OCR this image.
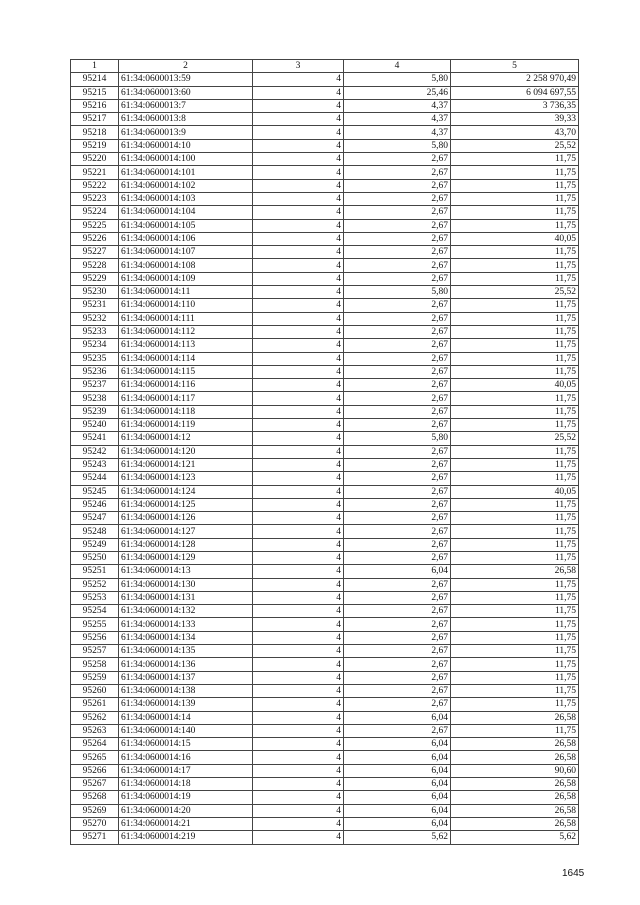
1	2	3	4	5
95214	61:34:0600013:59	4	5,80	2 258 970,49
95215	61:34:0600013:60	4	25,46	6 094 697,55
95216	61:34:0600013:7	4	4,37	3 736,35
95217	61:34:0600013:8	4	4,37	39,33
95218	61:34:0600013:9	4	4,37	43,70
95219	61:34:0600014:10	4	5,80	25,52
95220	61:34:0600014:100	4	2,67	11,75
95221	61:34:0600014:101	4	2,67	11,75
95222	61:34:0600014:102	4	2,67	11,75
95223	61:34:0600014:103	4	2,67	11,75
95224	61:34:0600014:104	4	2,67	11,75
95225	61:34:0600014:105	4	2,67	11,75
95226	61:34:0600014:106	4	2,67	40,05
95227	61:34:0600014:107	4	2,67	11,75
95228	61:34:0600014:108	4	2,67	11,75
95229	61:34:0600014:109	4	2,67	11,75
95230	61:34:0600014:11	4	5,80	25,52
95231	61:34:0600014:110	4	2,67	11,75
95232	61:34:0600014:111	4	2,67	11,75
95233	61:34:0600014:112	4	2,67	11,75
95234	61:34:0600014:113	4	2,67	11,75
95235	61:34:0600014:114	4	2,67	11,75
95236	61:34:0600014:115	4	2,67	11,75
95237	61:34:0600014:116	4	2,67	40,05
95238	61:34:0600014:117	4	2,67	11,75
95239	61:34:0600014:118	4	2,67	11,75
95240	61:34:0600014:119	4	2,67	11,75
95241	61:34:0600014:12	4	5,80	25,52
95242	61:34:0600014:120	4	2,67	11,75
95243	61:34:0600014:121	4	2,67	11,75
95244	61:34:0600014:123	4	2,67	11,75
95245	61:34:0600014:124	4	2,67	40,05
95246	61:34:0600014:125	4	2,67	11,75
95247	61:34:0600014:126	4	2,67	11,75
95248	61:34:0600014:127	4	2,67	11,75
95249	61:34:0600014:128	4	2,67	11,75
95250	61:34:0600014:129	4	2,67	11,75
95251	61:34:0600014:13	4	6,04	26,58
95252	61:34:0600014:130	4	2,67	11,75
95253	61:34:0600014:131	4	2,67	11,75
95254	61:34:0600014:132	4	2,67	11,75
95255	61:34:0600014:133	4	2,67	11,75
95256	61:34:0600014:134	4	2,67	11,75
95257	61:34:0600014:135	4	2,67	11,75
95258	61:34:0600014:136	4	2,67	11,75
95259	61:34:0600014:137	4	2,67	11,75
95260	61:34:0600014:138	4	2,67	11,75
95261	61:34:0600014:139	4	2,67	11,75
95262	61:34:0600014:14	4	6,04	26,58
95263	61:34:0600014:140	4	2,67	11,75
95264	61:34:0600014:15	4	6,04	26,58
95265	61:34:0600014:16	4	6,04	26,58
95266	61:34:0600014:17	4	6,04	90,60
95267	61:34:0600014:18	4	6,04	26,58
95268	61:34:0600014:19	4	6,04	26,58
95269	61:34:0600014:20	4	6,04	26,58
95270	61:34:0600014:21	4	6,04	26,58
95271	61:34:0600014:219	4	5,62	5,62
1645
